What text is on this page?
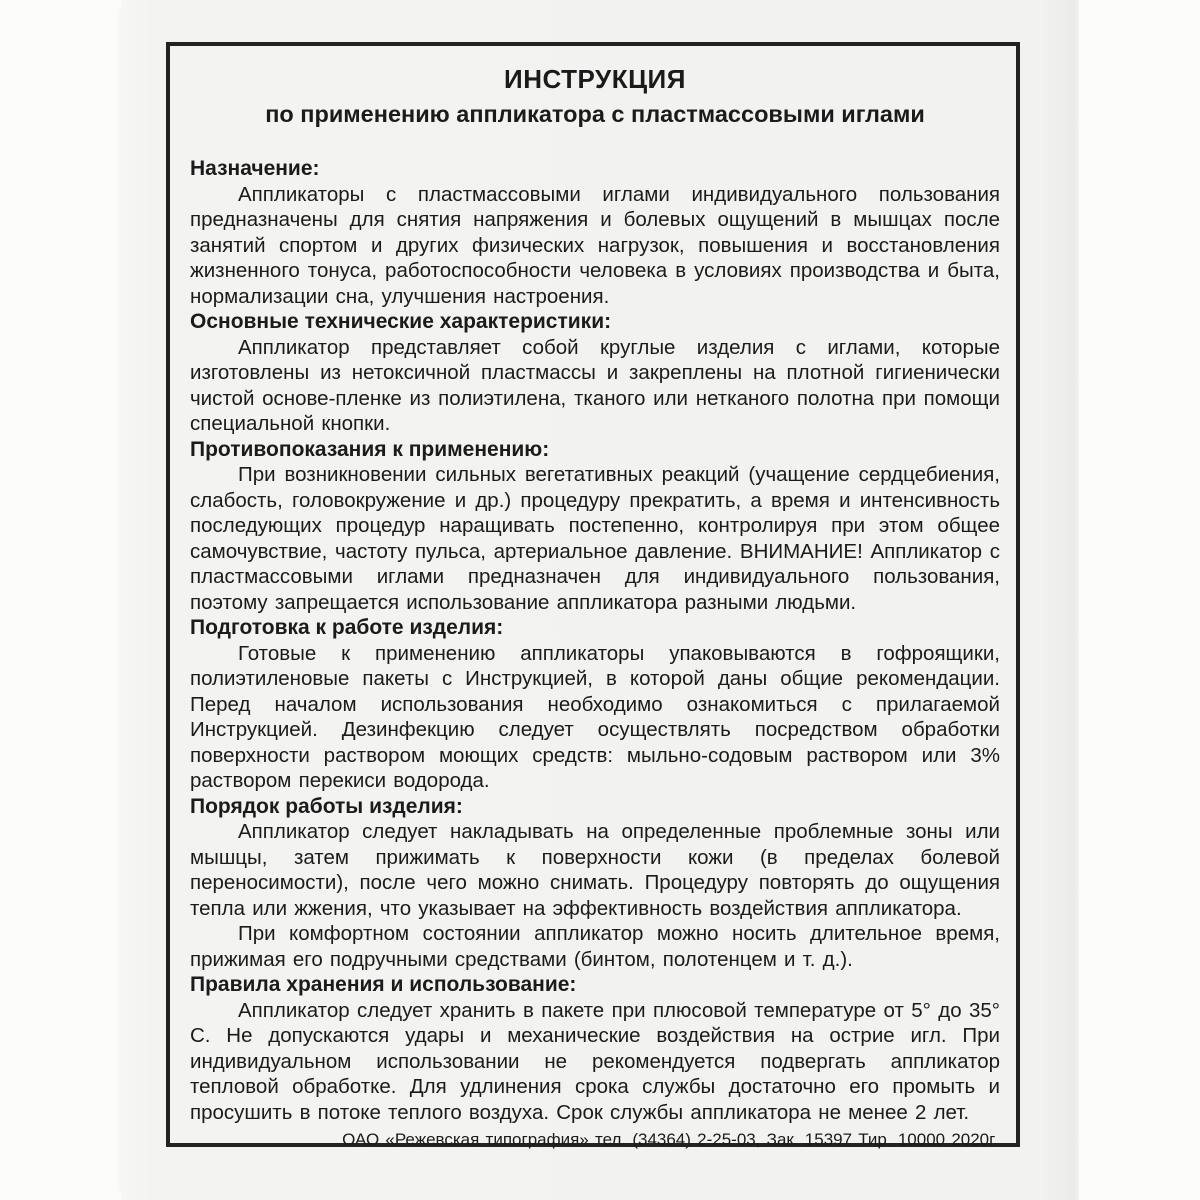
ИНСТРУКЦИЯ
по применению аппликатора с пластмассовыми иглами
Назначение:

Аппликаторы с пластмассовыми иглами индивидуального пользования предназначены для снятия напряжения и болевых ощущений в мышцах после занятий спортом и других физических нагрузок, повышения и восстановления жизненного тонуса, работоспособности человека в условиях производства и быта, нормализации сна, улучшения настроения.

Основные технические характеристики:

Аппликатор представляет собой круглые изделия с иглами, которые изготовлены из нетоксичной пластмассы и закреплены на плотной гигиенически чистой основе-пленке из полиэтилена, тканого или нетканого полотна при помощи специальной кнопки.

Противопоказания к применению:

При возникновении сильных вегетативных реакций (учащение сердцебиения, слабость, головокружение и др.) процедуру прекратить, а время и интенсивность последующих процедур наращивать постепенно, контролируя при этом общее самочувствие, частоту пульса, артериальное давление. ВНИМАНИЕ! Аппликатор с пластмассовыми иглами предназначен для индивидуального пользования, поэтому запрещается использование аппликатора разными людьми.

Подготовка к работе изделия:

Готовые к применению аппликаторы упаковываются в гофроящики, полиэтиленовые пакеты с Инструкцией, в которой даны общие рекомендации. Перед началом использования необходимо ознакомиться с прилагаемой Инструкцией. Дезинфекцию следует осуществлять посредством обработки поверхности раствором моющих средств: мыльно-содовым раствором или 3% раствором перекиси водорода.

Порядок работы изделия:

Аппликатор следует накладывать на определенные проблемные зоны или мышцы, затем прижимать к поверхности кожи (в пределах болевой переносимости), после чего можно снимать. Процедуру повторять до ощущения тепла или жжения, что указывает на эффективность воздействия аппликатора.

При комфортном состоянии аппликатор можно носить длительное время, прижимая его подручными средствами (бинтом, полотенцем и т. д.).

Правила хранения и использование:

Аппликатор следует хранить в пакете при плюсовой температуре от 5° до 35° С. Не допускаются удары и механические воздействия на острие игл. При индивидуальном использовании не рекомендуется подвергать аппликатор тепловой обработке. Для удлинения срока службы достаточно его промыть и просушить в потоке теплого воздуха. Срок службы аппликатора не менее 2 лет.

ОАО «Режевская типография» тел. (34364) 2-25-03, Зак. 15397 Тир. 10000 2020г.
